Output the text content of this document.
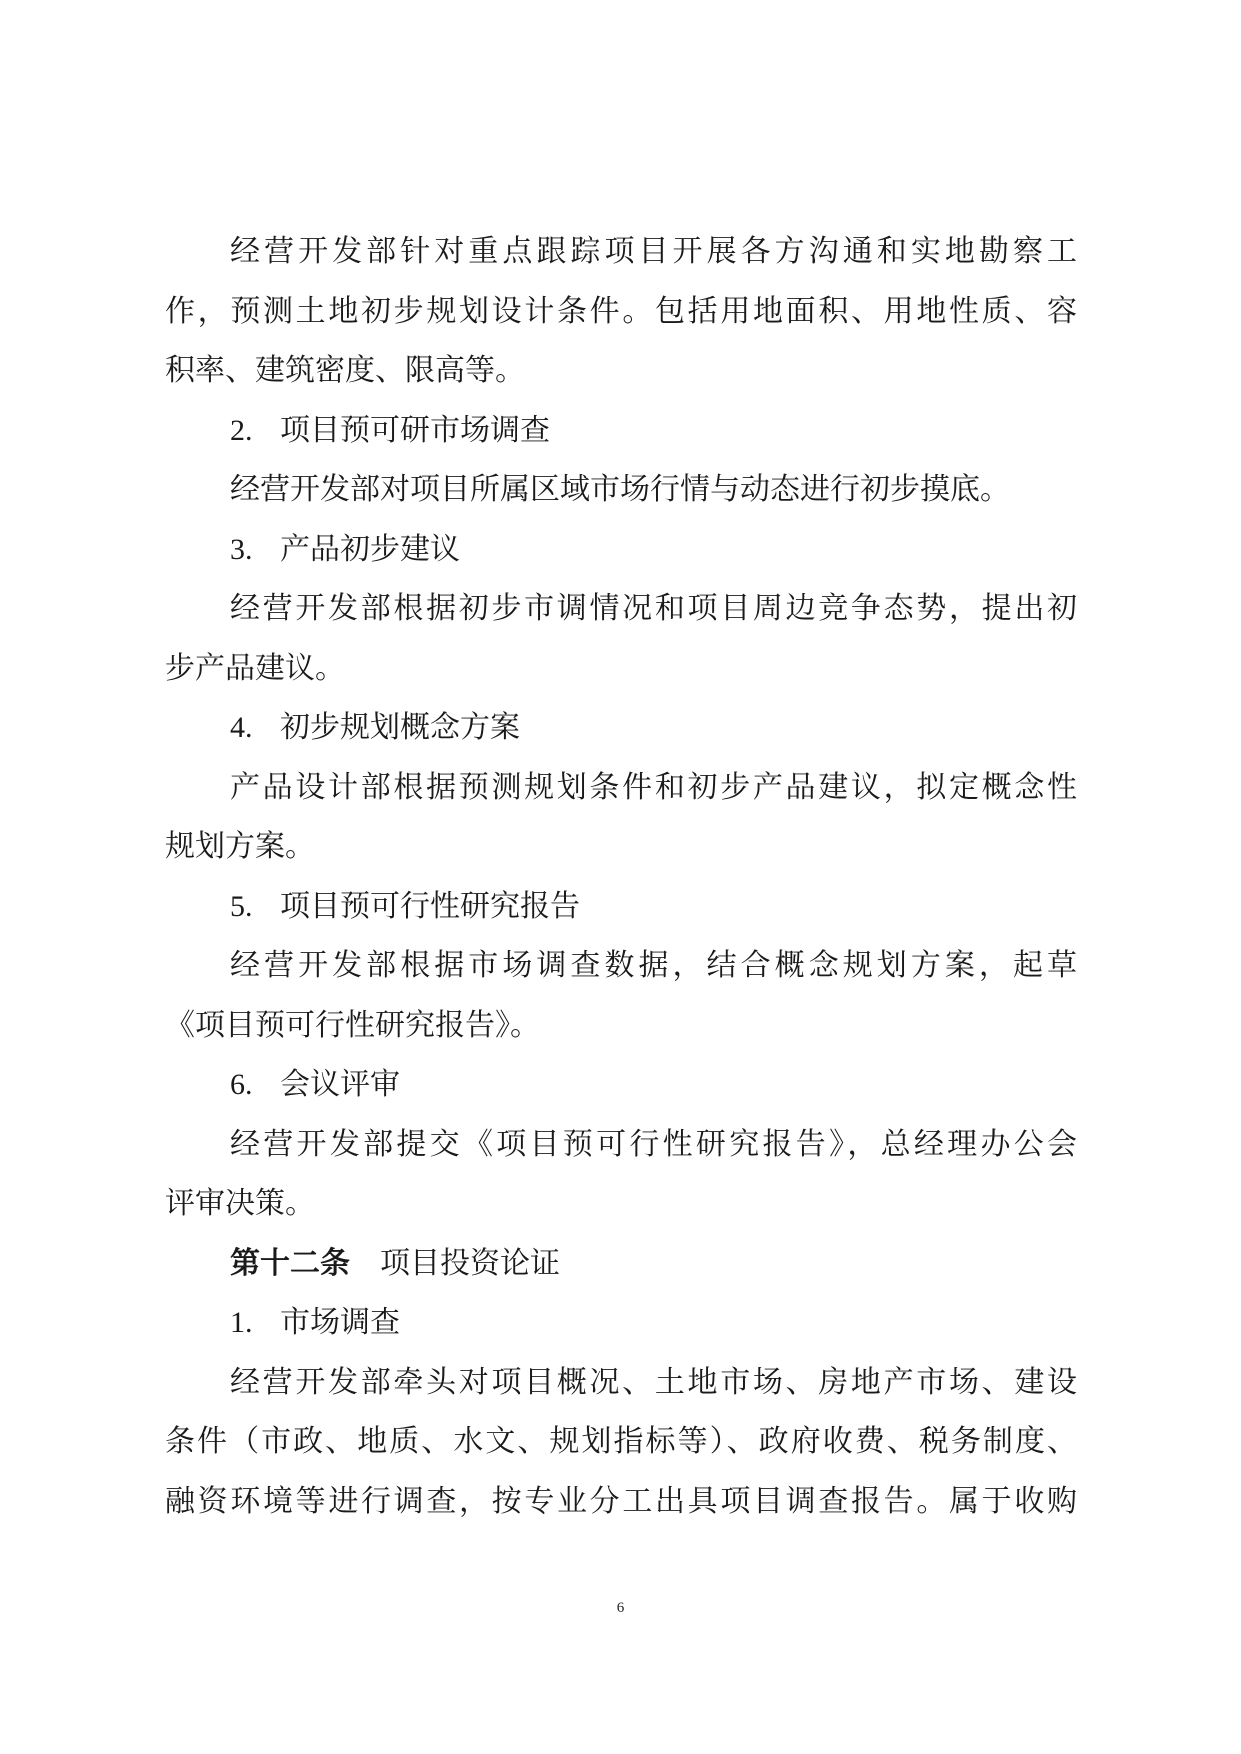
经营开发部针对重点跟踪项目开展各方沟通和实地勘察工

作，预测土地初步规划设计条件。包括用地面积、用地性质、容

积率、建筑密度、限高等。

2. 项目预可研市场调查

经营开发部对项目所属区域市场行情与动态进行初步摸底。

3. 产品初步建议

经营开发部根据初步市调情况和项目周边竞争态势，提出初

步产品建议。

4. 初步规划概念方案

产品设计部根据预测规划条件和初步产品建议，拟定概念性

规划方案。

5. 项目预可行性研究报告

经营开发部根据市场调查数据，结合概念规划方案，起草

《项目预可行性研究报告》。

6. 会议评审

经营开发部提交《项目预可行性研究报告》，总经理办公会

评审决策。

第十二条 项目投资论证

1. 市场调查

经营开发部牵头对项目概况、土地市场、房地产市场、建设

条件（市政、地质、水文、规划指标等）、政府收费、税务制度、

融资环境等进行调查，按专业分工出具项目调查报告。属于收购

6
